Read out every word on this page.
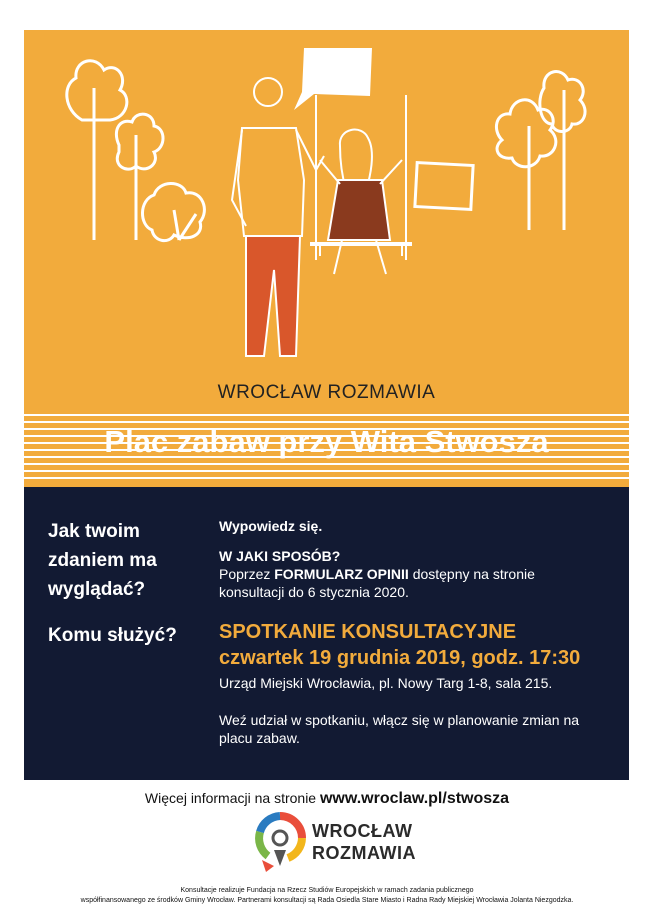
WROCŁAW ROZMAWIA
Plac zabaw przy Wita Stwosza
Jak twoim zdaniem ma wyglądać?
Komu służyć?
Wypowiedz się.
W JAKI SPOSÓB?
Poprzez FORMULARZ OPINII dostępny na stronie konsultacji do 6 stycznia 2020.
SPOTKANIE KONSULTACYJNE
czwartek 19 grudnia 2019, godz. 17:30
Urząd Miejski Wrocławia, pl. Nowy Targ 1-8, sala 215.
Weź udział w spotkaniu, włącz się w planowanie zmian na placu zabaw.
Więcej informacji na stronie www.wroclaw.pl/stwosza
WROCŁAW
ROZMAWIA
Konsultacje realizuje Fundacja na Rzecz Studiów Europejskich w ramach zadania publicznego
współfinansowanego ze środków Gminy Wrocław. Partnerami konsultacji są Rada Osiedla Stare Miasto i Radna Rady Miejskiej Wrocławia Jolanta Niezgodzka.
